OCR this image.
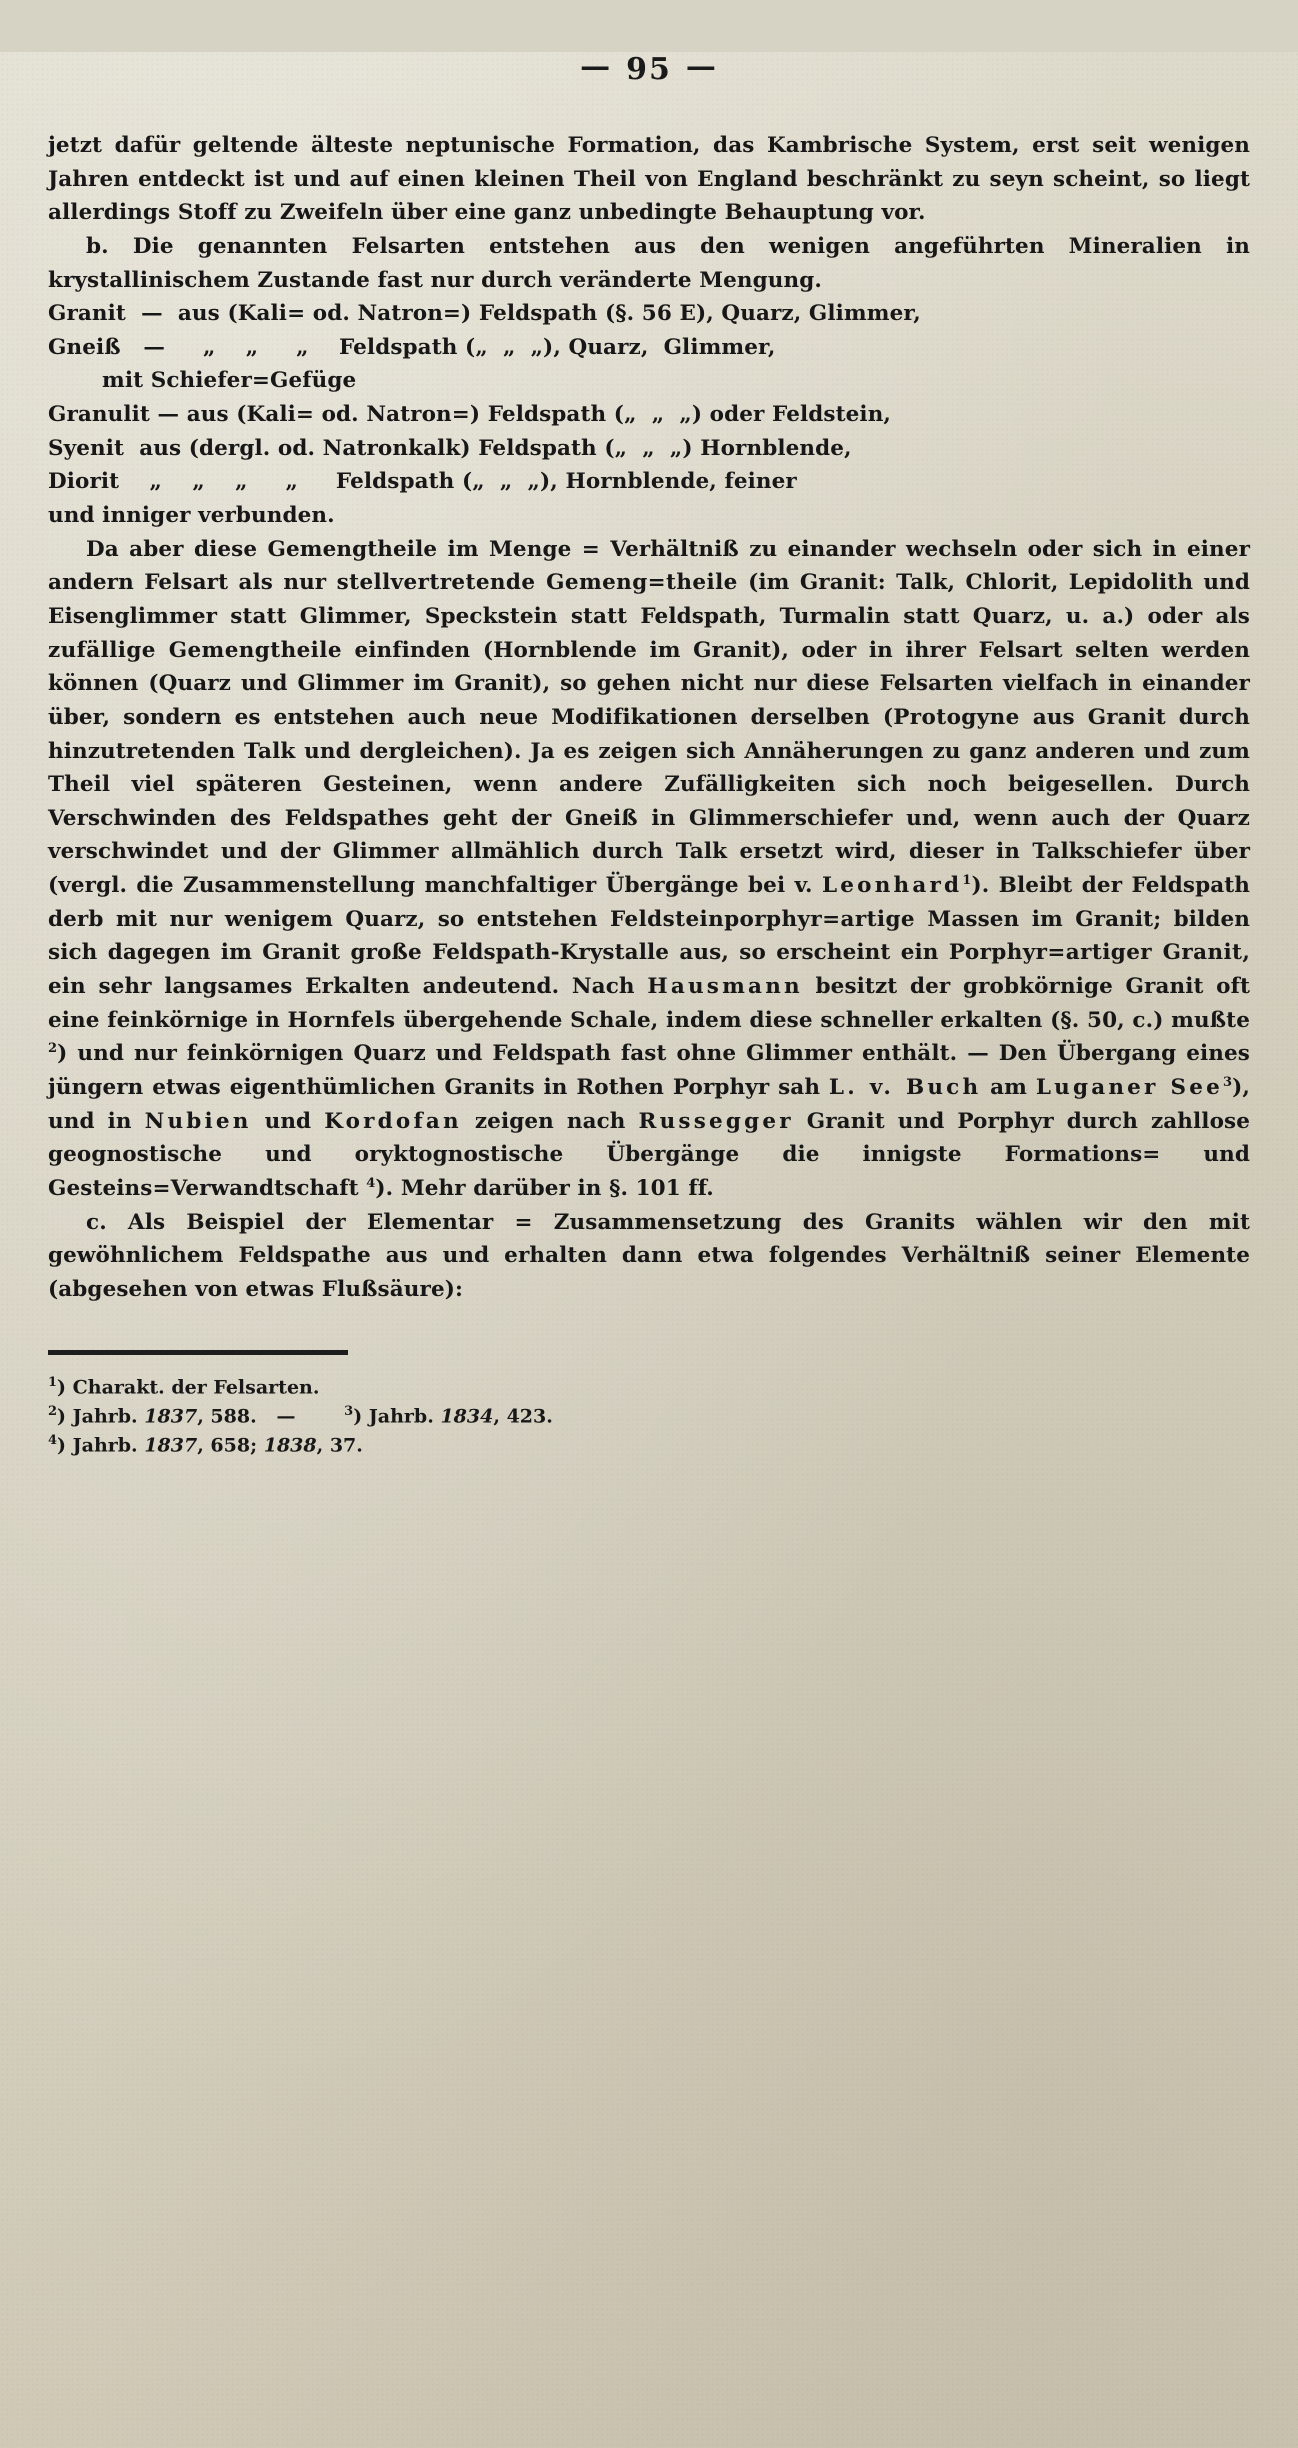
— 95 —

jetzt dafür geltende älteste neptunische Formation, das Kambrische System, erst seit wenigen Jahren entdeckt ist und auf einen kleinen Theil von England beschränkt zu seyn scheint, so liegt allerdings Stoff zu Zweifeln über eine ganz unbedingte Behauptung vor.

b. Die genannten Felsarten entstehen aus den wenigen angeführten Mineralien in krystallinischem Zustande fast nur durch veränderte Mengung.

Granit  —  aus (Kali= od. Natron=) Feldspath (§. 56 E), Quarz, Glimmer,
Gneiß   —     „    „     „    Feldspath („  „  „), Quarz,  Glimmer,
mit Schiefer=Gefüge
Granulit — aus (Kali= od. Natron=) Feldspath („  „  „) oder Feldstein,
Syenit  aus (dergl. od. Natronkalk) Feldspath („  „  „) Hornblende,
Diorit    „    „    „     „     Feldspath („  „  „), Hornblende, feiner
und inniger verbunden.

Da aber diese Gemengtheile im Menge = Verhältniß zu einander wechseln oder sich in einer andern Felsart als nur stellvertretende Gemeng=theile (im Granit: Talk, Chlorit, Lepidolith und Eisenglimmer statt Glimmer, Speckstein statt Feldspath, Turmalin statt Quarz, u. a.) oder als zufällige Gemengtheile einfinden (Hornblende im Granit), oder in ihrer Felsart selten werden können (Quarz und Glimmer im Granit), so gehen nicht nur diese Felsarten vielfach in einander über, sondern es entstehen auch neue Modifikationen derselben (Protogyne aus Granit durch hinzutretenden Talk und dergleichen). Ja es zeigen sich Annäherungen zu ganz anderen und zum Theil viel späteren Gesteinen, wenn andere Zufälligkeiten sich noch beigesellen. Durch Verschwinden des Feldspathes geht der Gneiß in Glimmerschiefer und, wenn auch der Quarz verschwindet und der Glimmer allmählich durch Talk ersetzt wird, dieser in Talkschiefer über (vergl. die Zusammenstellung manchfaltiger Übergänge bei v. Leonhard$^1$). Bleibt der Feldspath derb mit nur wenigem Quarz, so entstehen Feldsteinporphyr=artige Massen im Granit; bilden sich dagegen im Granit große Feldspath-Krystalle aus, so erscheint ein Porphyr=artiger Granit, ein sehr langsames Erkalten andeutend. Nach Hausmann besitzt der grobkörnige Granit oft eine feinkörnige in Hornfels übergehende Schale, indem diese schneller erkalten (§. 50, c.) mußte $^2$) und nur feinkörnigen Quarz und Feldspath fast ohne Glimmer enthält. — Den Übergang eines jüngern etwas eigenthümlichen Granits in Rothen Porphyr sah L. v. Buch am Luganer See$^3$), und in Nubien und Kordofan zeigen nach Russegger Granit und Porphyr durch zahllose geognostische und oryktognostische Übergänge die innigste Formations= und Gesteins=Verwandtschaft $^4$). Mehr darüber in §. 101 ff.

c. Als Beispiel der Elementar = Zusammensetzung des Granits wählen wir den mit gewöhnlichem Feldspathe aus und erhalten dann etwa folgendes Verhältniß seiner Elemente (abgesehen von etwas Flußsäure):

$^1$) Charakt. der Felsarten.
$^2$) Jahrb. 1837, 588.   —	$^3$) Jahrb. 1834, 423.
$^4$) Jahrb. 1837, 658; 1838, 37.
